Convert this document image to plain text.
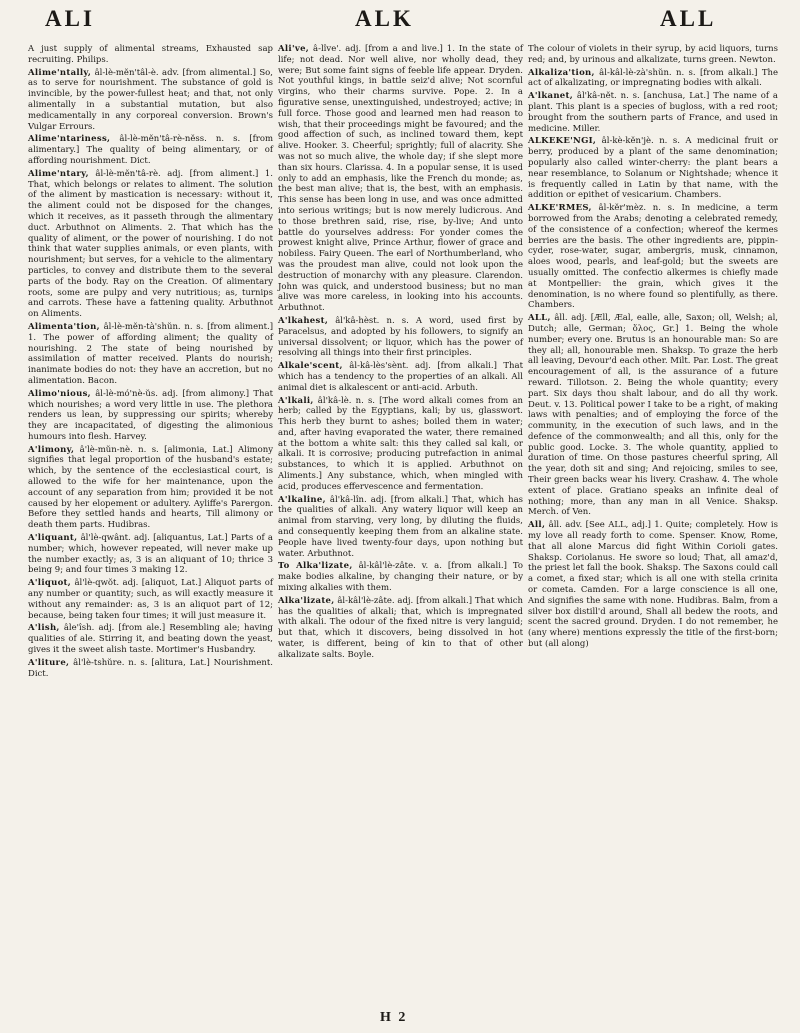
ALI	ALK	ALL
A just supply of alimental streams, Exhausted sap recruiting. Philips.
Alime'ntally, âl-lè-mĕn'tâl-è. adv. [from alimental.] So, as to serve for nourishment. The substance of gold is invincible, by the power-fullest heat; and that, not only alimentally in a substantial mutation, but also medicamentally in any corporeal conversion. Brown's Vulgar Errours.
Alime'ntariness, âl-lè-mĕn'tâ-rè-nĕss. n. s. [from alimentary.] The quality of being alimentary, or of affording nourishment. Dict.
Alime'ntary, âl-lè-mĕn'tâ-rè. adj. [from aliment.] 1. That, which belongs or relates to aliment. The solution of the aliment by mastication is necessary: without it, the aliment could not be disposed for the changes, which it receives, as it passeth through the alimentary duct. Arbuthnot on Aliments. 2. That which has the quality of aliment, or the power of nourishing. I do not think that water supplies animals, or even plants, with nourishment; but serves, for a vehicle to the alimentary particles, to convey and distribute them to the several parts of the body. Ray on the Creation. Of alimentary roots, some are pulpy and very nutritious; as, turnips and carrots. These have a fattening quality. Arbuthnot on Aliments.
Alimenta'tion, âl-lè-mĕn-tà'shŭn. n. s. [from aliment.] 1. The power of affording aliment; the quality of nourishing. 2 The state of being nourished by assimilation of matter received. Plants do nourish; inanimate bodies do not: they have an accretion, but no alimentation. Bacon.
Alimo'nious, âl-lè-mó'nè-ŭs. adj. [from alimony.] That which nourishes; a word very little in use. The plethora renders us lean, by suppressing our spirits; whereby they are incapacitated, of digesting the alimonious humours into flesh. Harvey.
A'limony, â'lè-mŭn-nè. n. s. [alimonia, Lat.] Alimony signifies that legal proportion of the husband's estate; which, by the sentence of the ecclesiastical court, is allowed to the wife for her maintenance, upon the account of any separation from him; provided it be not caused by her elopement or adultery. Ayliffe's Parergon. Before they settled hands and hearts, Till alimony or death them parts. Hudibras.
A'liquant, âl'lè-qwânt. adj. [aliquantus, Lat.] Parts of a number; which, however repeated, will never make up the number exactly; as, 3 is an aliquant of 10; thrice 3 being 9; and four times 3 making 12.
A'liquot, âl'lè-qwŏt. adj. [aliquot, Lat.] Aliquot parts of any number or quantity; such, as will exactly measure it without any remainder: as, 3 is an aliquot part of 12; because, being taken four times; it will just measure it.
A'lish, âle'îsh. adj. [from ale.] Resembling ale; having qualities of ale. Stirring it, and beating down the yeast, gives it the sweet alish taste. Mortimer's Husbandry.
A'liture, âl'lè-tshŭre. n. s. [alitura, Lat.] Nourishment. Dict.
Ali've, â-lîve'. adj. [from a and live.] 1. In the state of life; not dead. Nor well alive, nor wholly dead, they were; But some faint signs of feeble life appear. Dryden. Not youthful kings, in battle seiz'd alive; Not scornful virgins, who their charms survive. Pope. 2. In a figurative sense, unextinguished, undestroyed; active; in full force. Those good and learned men had reason to wish, that their proceedings might be favoured; and the good affection of such, as inclined toward them, kept alive. Hooker. 3. Cheerful; sprightly; full of alacrity. She was not so much alive, the whole day; if she slept more than six hours. Clarissa. 4. In a popular sense, it is used only to add an emphasis, like the French du monde; as, the best man alive; that is, the best, with an emphasis. This sense has been long in use, and was once admitted into serious writings; but is now merely ludicrous. And to those brethren said, rise, rise, by-live; And unto battle do yourselves address: For yonder comes the prowest knight alive, Prince Arthur, flower of grace and nobiless. Fairy Queen. The earl of Northumberland, who was the proudest man alive, could not look upon the destruction of monarchy with any pleasure. Clarendon. John was quick, and understood business; but no man alive was more careless, in looking into his accounts. Arbuthnot.
A'lkahest, âl'kâ-hèst. n. s. A word, used first by Paracelsus, and adopted by his followers, to signify an universal dissolvent; or liquor, which has the power of resolving all things into their first principles.
Alkale'scent, âl-kâ-lès'sènt. adj. [from alkali.] That which has a tendency to the properties of an alkali. All animal diet is alkalescent or anti-acid. Arbuth.
A'lkali, âl'kâ-lè. n. s. [The word alkali comes from an herb; called by the Egyptians, kali; by us, glasswort. This herb they burnt to ashes; boiled them in water; and, after having evaporated the water, there remained at the bottom a white salt: this they called sal kali, or alkali. It is corrosive; producing putrefaction in animal substances, to which it is applied. Arbuthnot on Aliments.] Any substance, which, when mingled with acid, produces effervescence and fermentation.
A'lkaline, âl'kâ-lîn. adj. [from alkali.] That, which has the qualities of alkali. Any watery liquor will keep an animal from starving, very long, by diluting the fluids, and consequently keeping them from an alkaline state. People have lived twenty-four days, upon nothing but water. Arbuthnot.
To Alka'lizate, âl-kâl'lè-zâte. v. a. [from alkali.] To make bodies alkaline, by changing their nature, or by mixing alkalies with them.
Alka'lizate, âl-kâl'lè-zâte. adj. [from alkali.] That which has the qualities of alkali; that, which is impregnated with alkali. The odour of the fixed nitre is very languid; but that, which it discovers, being dissolved in hot water, is different, being of kin to that of other alkalizate salts. Boyle.
The colour of violets in their syrup, by acid liquors, turns red; and, by urinous and alkalizate, turns green. Newton.
Alkaliza'tion, âl-kâl-lè-zà'shŭn. n. s. [from alkali.] The act of alkalizating, or impregnating bodies with alkali.
A'lkanet, âl'kâ-nĕt. n. s. [anchusa, Lat.] The name of a plant. This plant is a species of bugloss, with a red root; brought from the southern parts of France, and used in medicine. Miller.
ALKEKE'NGI, âl-kè-kĕn'jè. n. s. A medicinal fruit or berry, produced by a plant of the same denomination; popularly also called winter-cherry: the plant bears a near resemblance, to Solanum or Nightshade; whence it is frequently called in Latin by that name, with the addition or epithet of vesicarium. Chambers.
ALKE'RMES, âl-kĕr'mèz. n. s. In medicine, a term borrowed from the Arabs; denoting a celebrated remedy, of the consistence of a confection; whereof the kermes berries are the basis. The other ingredients are, pippin-cyder, rose-water, sugar, ambergris, musk, cinnamon, aloes wood, pearls, and leaf-gold; but the sweets are usually omitted. The confectio alkermes is chiefly made at Montpellier: the grain, which gives it the denomination, is no where found so plentifully, as there. Chambers.
ALL, âll. adj. [Æll, Æal, ealle, alle, Saxon; oll, Welsh; al, Dutch; alle, German; ὅλος, Gr.] 1. Being the whole number; every one. Brutus is an honourable man: So are they all; all, honourable men. Shaksp. To graze the herb all leaving, Devour'd each other. Milt. Par. Lost. The great encouragement of all, is the assurance of a future reward. Tillotson. 2. Being the whole quantity; every part. Six days thou shalt labour, and do all thy work. Deut. v. 13. Political power I take to be a right, of making laws with penalties; and of employing the force of the community, in the execution of such laws, and in the defence of the commonwealth; and all this, only for the public good. Locke. 3. The whole quantity, applied to duration of time. On those pastures cheerful spring, All the year, doth sit and sing; And rejoicing, smiles to see, Their green backs wear his livery. Crashaw. 4. The whole extent of place. Gratiano speaks an infinite deal of nothing; more, than any man in all Venice. Shaksp. Merch. of Ven.
All, âll. adv. [See ALL, adj.] 1. Quite; completely. How is my love all ready forth to come. Spenser. Know, Rome, that all alone Marcus did fight Within Corioli gates. Shaksp. Coriolanus. He swore so loud; That, all amaz'd, the priest let fall the book. Shaksp. The Saxons could call a comet, a fixed star; which is all one with stella crinita or cometa. Camden. For a large conscience is all one, And signifies the same with none. Hudibras. Balm, from a silver box distill'd around, Shall all bedew the roots, and scent the sacred ground. Dryden. I do not remember, he (any where) mentions expressly the title of the first-born; but (all along)
H 2
